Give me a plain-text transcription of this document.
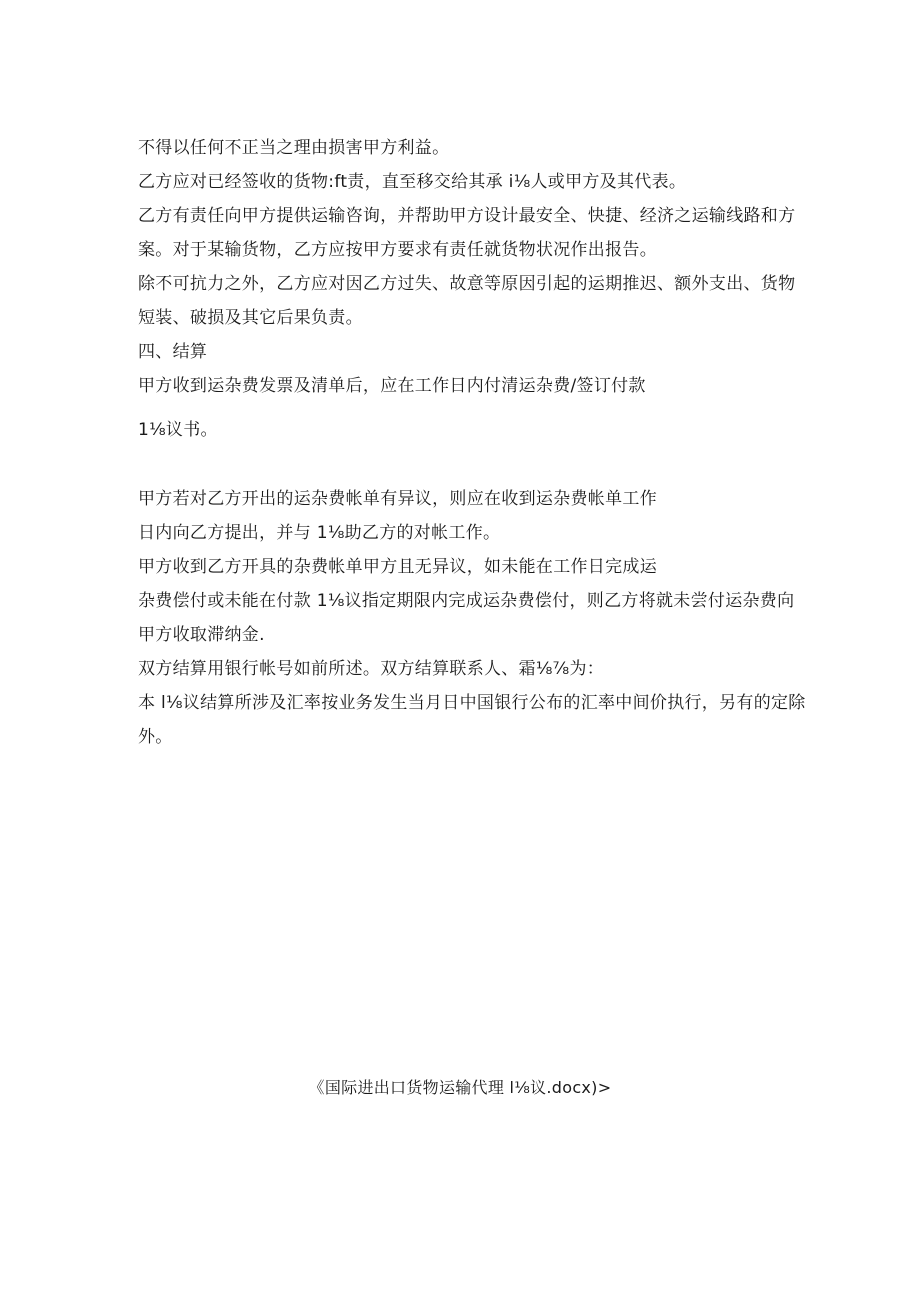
不得以任何不正当之理由损害甲方利益。

乙方应对已经签收的货物:ft责，直至移交给其承 i⅛人或甲方及其代表。

乙方有责任向甲方提供运输咨询，并帮助甲方设计最安全、快捷、经济之运输线路和方

案。对于某输货物，乙方应按甲方要求有责任就货物状况作出报告。

除不可抗力之外，乙方应对因乙方过失、故意等原因引起的运期推迟、额外支出、货物

短装、破损及其它后果负责。

四、结算

甲方收到运杂费发票及清单后，应在工作日内付清运杂费/签订付款

1⅛议书。

甲方若对乙方开出的运杂费帐单有异议，则应在收到运杂费帐单工作

日内向乙方提出，并与 1⅛助乙方的对帐工作。

甲方收到乙方开具的杂费帐单甲方且无异议，如未能在工作日完成运

杂费偿付或未能在付款 1⅛议指定期限内完成运杂费偿付，则乙方将就未尝付运杂费向

甲方收取滞纳金.

双方结算用银行帐号如前所述。双方结算联系人、霜⅛⅞为：

本 l⅛议结算所涉及汇率按业务发生当月日中国银行公布的汇率中间价执行，另有的定除

外。

《国际进出口货物运输代理 l⅛议.docx)>
